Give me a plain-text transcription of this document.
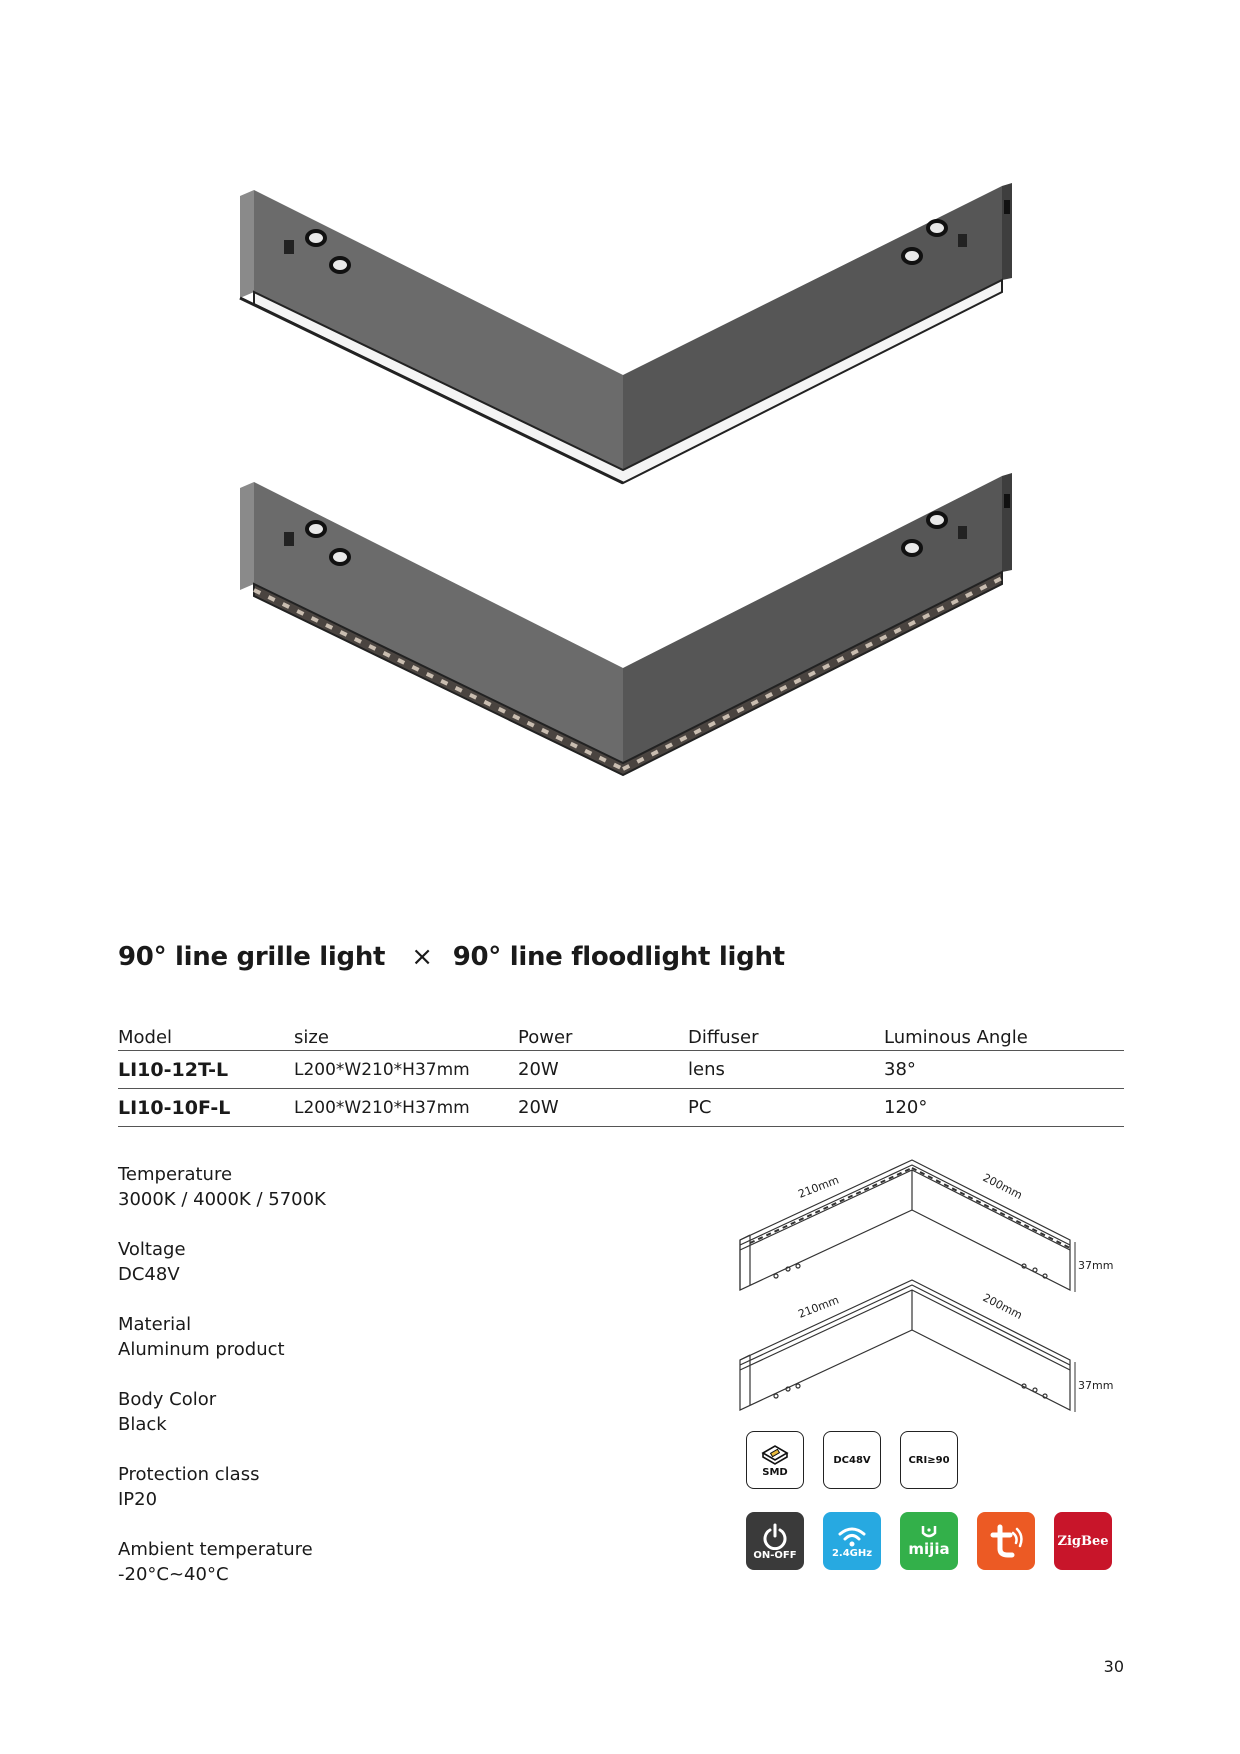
90° line grille light × 90° line floodlight light
Model	size	Power	Diffuser	Luminous Angle
LI10-12T-L	L200*W210*H37mm	20W	lens	38°
LI10-10F-L	L200*W210*H37mm	20W	PC	120°
Temperature
3000K / 4000K / 5700K
Voltage
DC48V
Material
Aluminum product
Body Color
Black
Protection class
IP20
Ambient temperature
-20°C~40°C
210mm	200mm
37mm
210mm	200mm
37mm
SMD
DC48V	CRI≥90
ON-OFF	2.4GHz mijia	ZigBee
30
